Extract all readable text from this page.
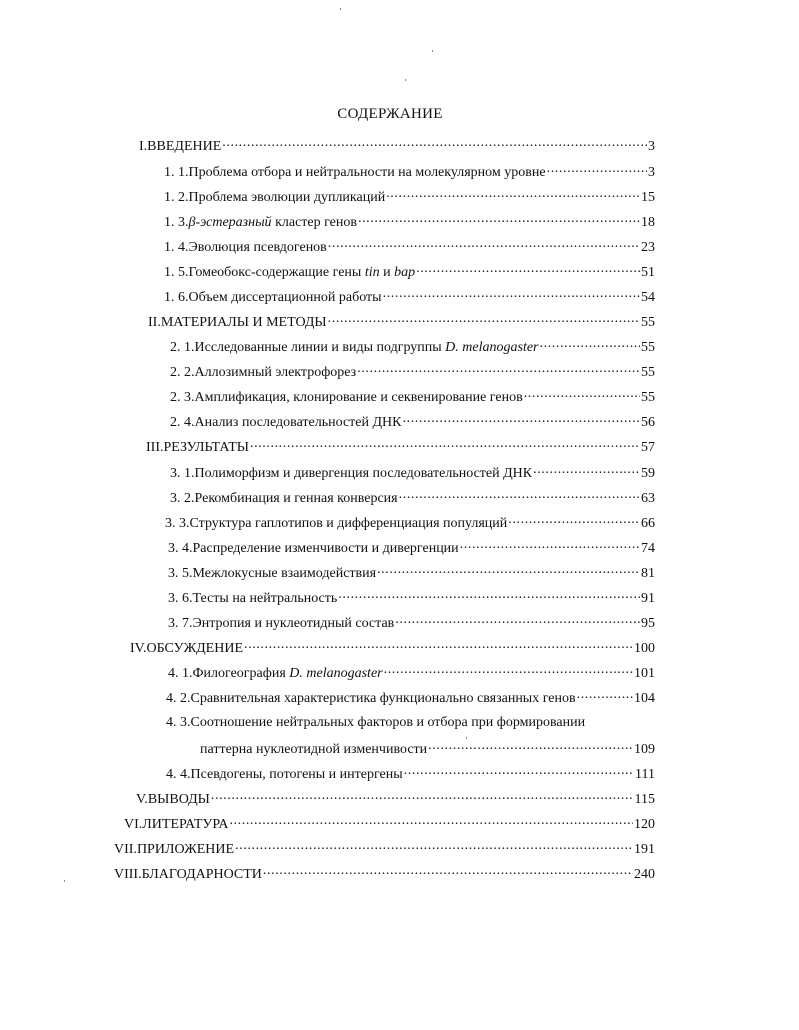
СОДЕРЖАНИЕ
I. ВВЕДЕНИЕ .....	3
1. 1. Проблема отбора и нейтральности на молекулярном уровне .....	3
1. 2. Проблема эволюции дупликаций .....	15
1. 3. β-эстеразный кластер генов .....	18
1. 4. Эволюция псевдогенов .....	23
1. 5. Гомеобокс-содержащие гены tin и bap .....	51
1. 6. Объем диссертационной работы .....	54
II. МАТЕРИАЛЫ И МЕТОДЫ .....	55
2. 1. Исследованные линии и виды подгруппы D. melanogaster .....	55
2. 2. Аллозимный электрофорез .....	55
2. 3. Амплификация, клонирование и секвенирование генов .....	55
2. 4. Анализ последовательностей ДНК .....	56
III. РЕЗУЛЬТАТЫ .....	57
3. 1. Полиморфизм и дивергенция последовательностей ДНК .....	59
3. 2. Рекомбинация и генная конверсия .....	63
3. 3. Структура гаплотипов и дифференциация популяций .....	66
3. 4. Распределение изменчивости и дивергенции .....	74
3. 5. Межлокусные взаимодействия .....	81
3. 6. Тесты на нейтральность .....	91
3. 7. Энтропия и нуклеотидный состав .....	95
IV. ОБСУЖДЕНИЕ .....	100
4. 1. Филогеография D. melanogaster .....	101
4. 2. Сравнительная характеристика функционально связанных генов .....	104
4. 3. Соотношение нейтральных факторов и отбора при формировании
паттерна нуклеотидной изменчивости .....	109
4. 4. Псевдогены, потогены и интергены .....	111
V. ВЫВОДЫ .....	115
VI. ЛИТЕРАТУРА .....	120
VII. ПРИЛОЖЕНИЕ .....	191
VIII. БЛАГОДАРНОСТИ .....	240
